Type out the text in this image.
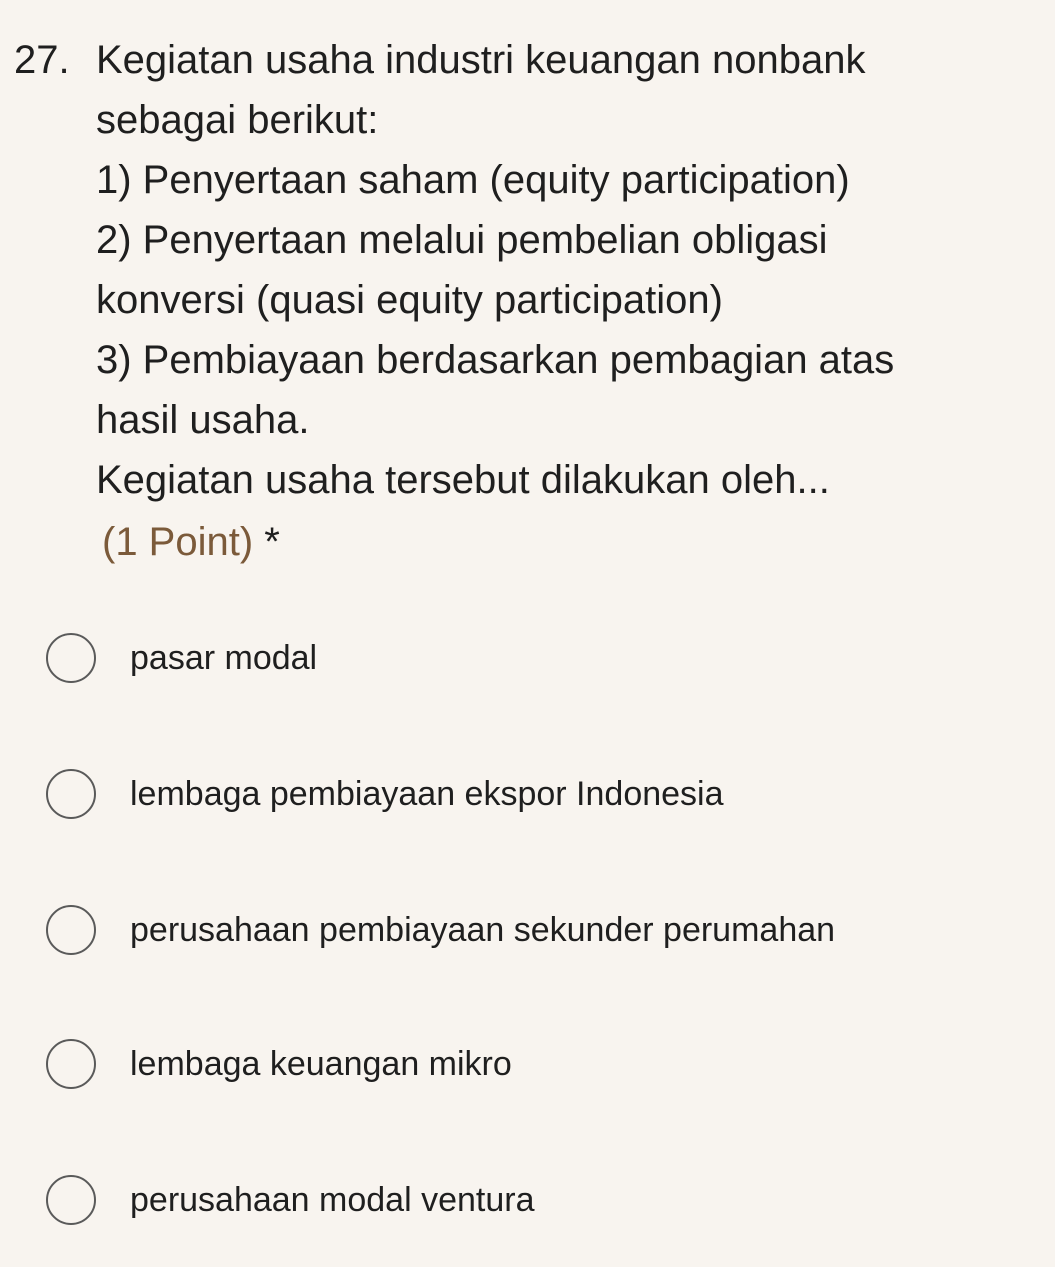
27. Kegiatan usaha industri keuangan nonbank
sebagai berikut:
1) Penyertaan saham (equity participation)
2) Penyertaan melalui pembelian obligasi
konversi (quasi equity participation)
3) Pembiayaan berdasarkan pembagian atas
hasil usaha.
Kegiatan usaha tersebut dilakukan oleh...
(1 Point) *
pasar modal
lembaga pembiayaan ekspor Indonesia
perusahaan pembiayaan sekunder perumahan
lembaga keuangan mikro
perusahaan modal ventura
